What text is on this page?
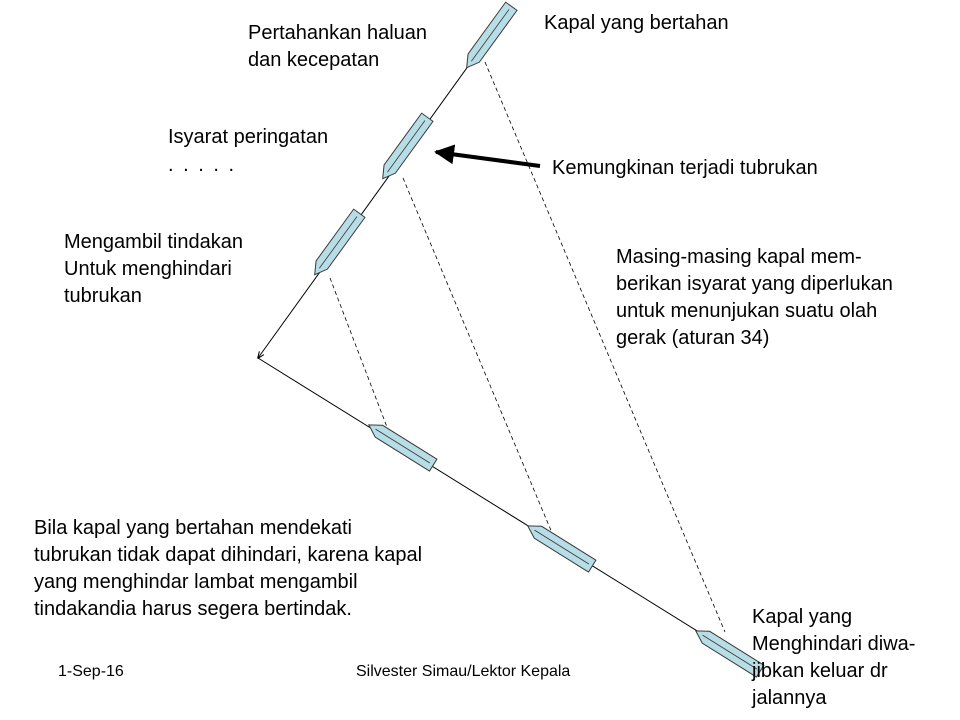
Kapal yang bertahan
Pertahankan haluan
dan kecepatan
Isyarat peringatan
. . . . .	Kemungkinan terjadi tubrukan
Mengambil tindakan
Untuk menghindari
tubrukan
Masing-masing kapal mem-
berikan isyarat yang diperlukan
untuk menunjukan suatu olah
gerak (aturan 34)
Bila kapal yang bertahan mendekati
tubrukan tidak dapat dihindari, karena kapal
yang menghindar lambat mengambil
tindakandia harus segera bertindak.	Kapal yang
Menghindari diwa-
jibkan keluar dr
jalannya
1-Sep-16	Silvester Simau/Lektor Kepala
